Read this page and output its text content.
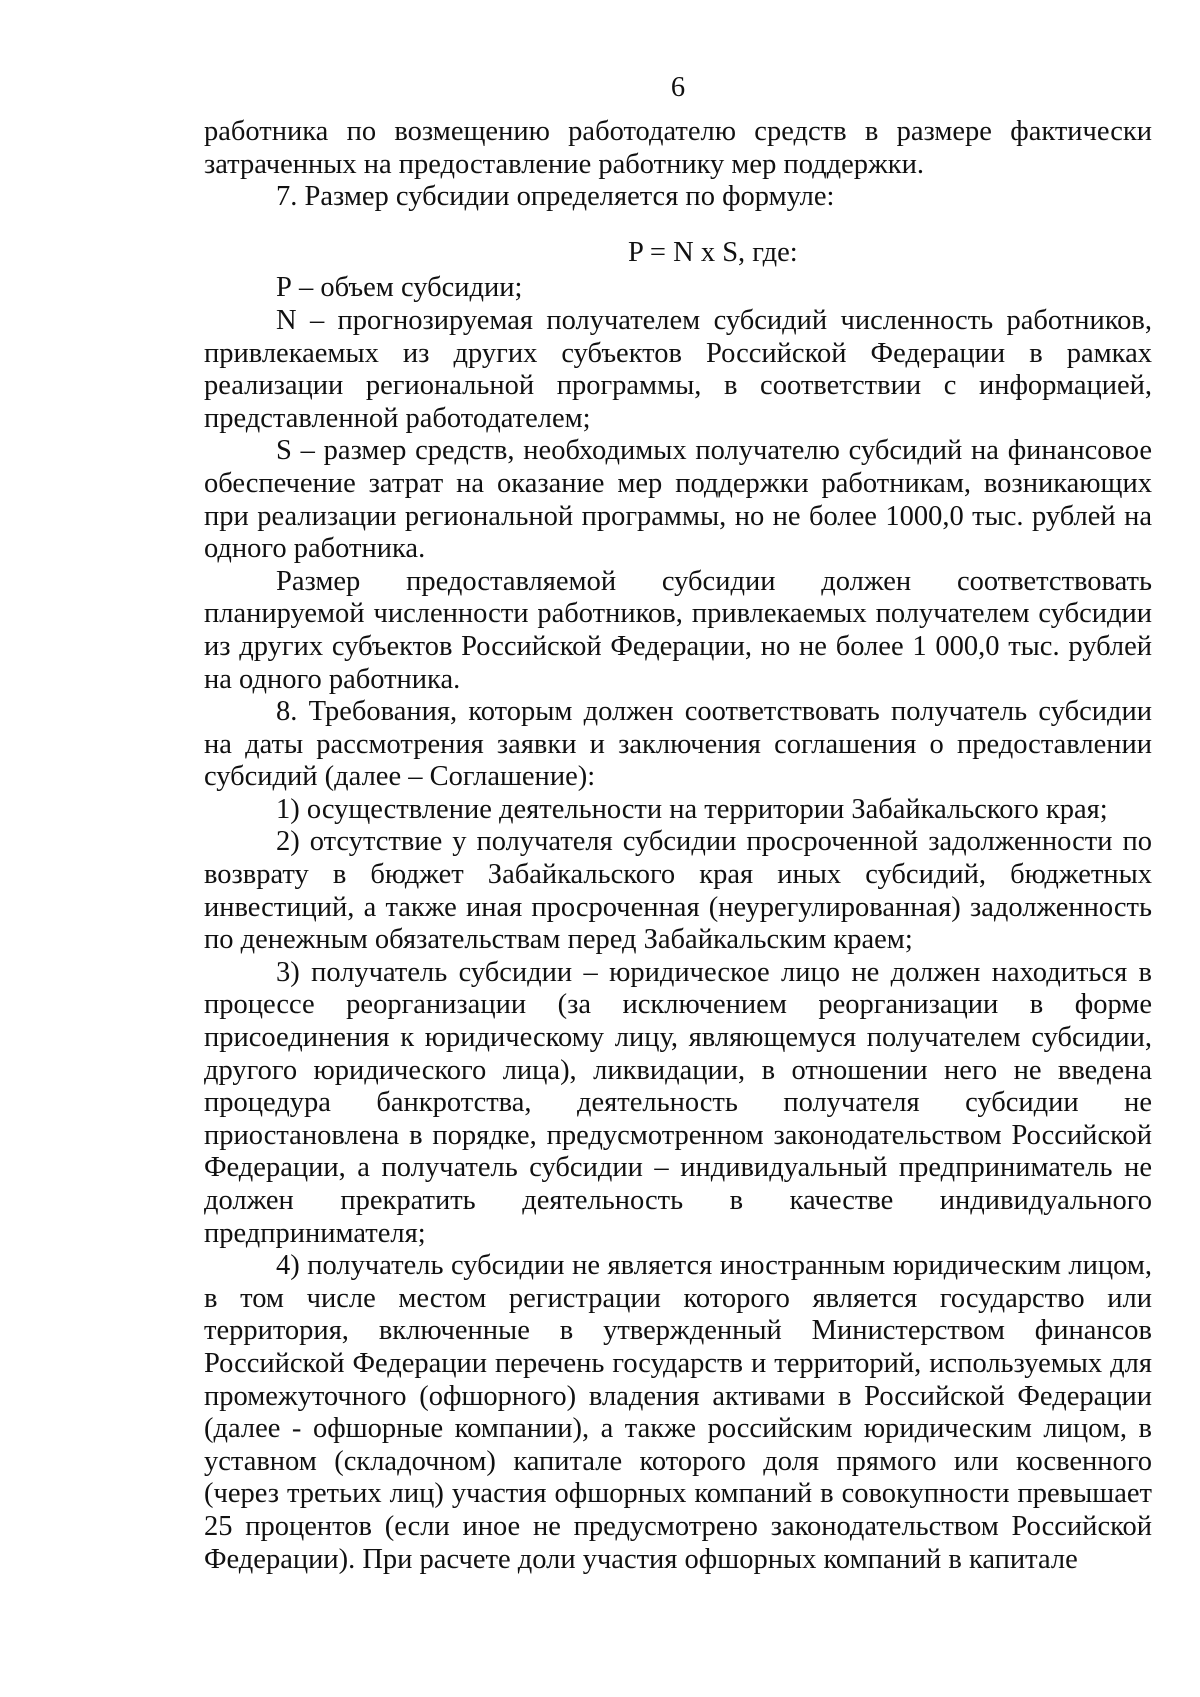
6

работника по возмещению работодателю средств в размере фактически затраченных на предоставление работнику мер поддержки.

7. Размер субсидии определяется по формуле:

P = N x S, где:

Р – объем субсидии;

N – прогнозируемая получателем субсидий численность работников, привлекаемых из других субъектов Российской Федерации в рамках реализации региональной программы, в соответствии с информацией, представленной работодателем;

S – размер средств, необходимых получателю субсидий на финансовое обеспечение затрат на оказание мер поддержки работникам, возникающих при реализации региональной программы, но не более 1000,0 тыс. рублей на одного работника.

Размер предоставляемой субсидии должен соответствовать планируемой численности работников, привлекаемых получателем субсидии из других субъектов Российской Федерации, но не более 1 000,0 тыс. рублей на одного работника.

8. Требования, которым должен соответствовать получатель субсидии на даты рассмотрения заявки и заключения соглашения о предоставлении субсидий (далее – Соглашение):

1) осуществление деятельности на территории Забайкальского края;

2) отсутствие у получателя субсидии просроченной задолженности по возврату в бюджет Забайкальского края иных субсидий, бюджетных инвестиций, а также иная просроченная (неурегулированная) задолженность по денежным обязательствам перед Забайкальским краем;

3) получатель субсидии – юридическое лицо не должен находиться в процессе реорганизации (за исключением реорганизации в форме присоединения к юридическому лицу, являющемуся получателем субсидии, другого юридического лица), ликвидации, в отношении него не введена процедура банкротства, деятельность получателя субсидии не приостановлена в порядке, предусмотренном законодательством Российской Федерации, а получатель субсидии – индивидуальный предприниматель не должен прекратить деятельность в качестве индивидуального предпринимателя;

4) получатель субсидии не является иностранным юридическим лицом, в том числе местом регистрации которого является государство или территория, включенные в утвержденный Министерством финансов Российской Федерации перечень государств и территорий, используемых для промежуточного (офшорного) владения активами в Российской Федерации (далее - офшорные компании), а также российским юридическим лицом, в уставном (складочном) капитале которого доля прямого или косвенного (через третьих лиц) участия офшорных компаний в совокупности превышает 25 процентов (если иное не предусмотрено законодательством Российской Федерации). При расчете доли участия офшорных компаний в капитале
